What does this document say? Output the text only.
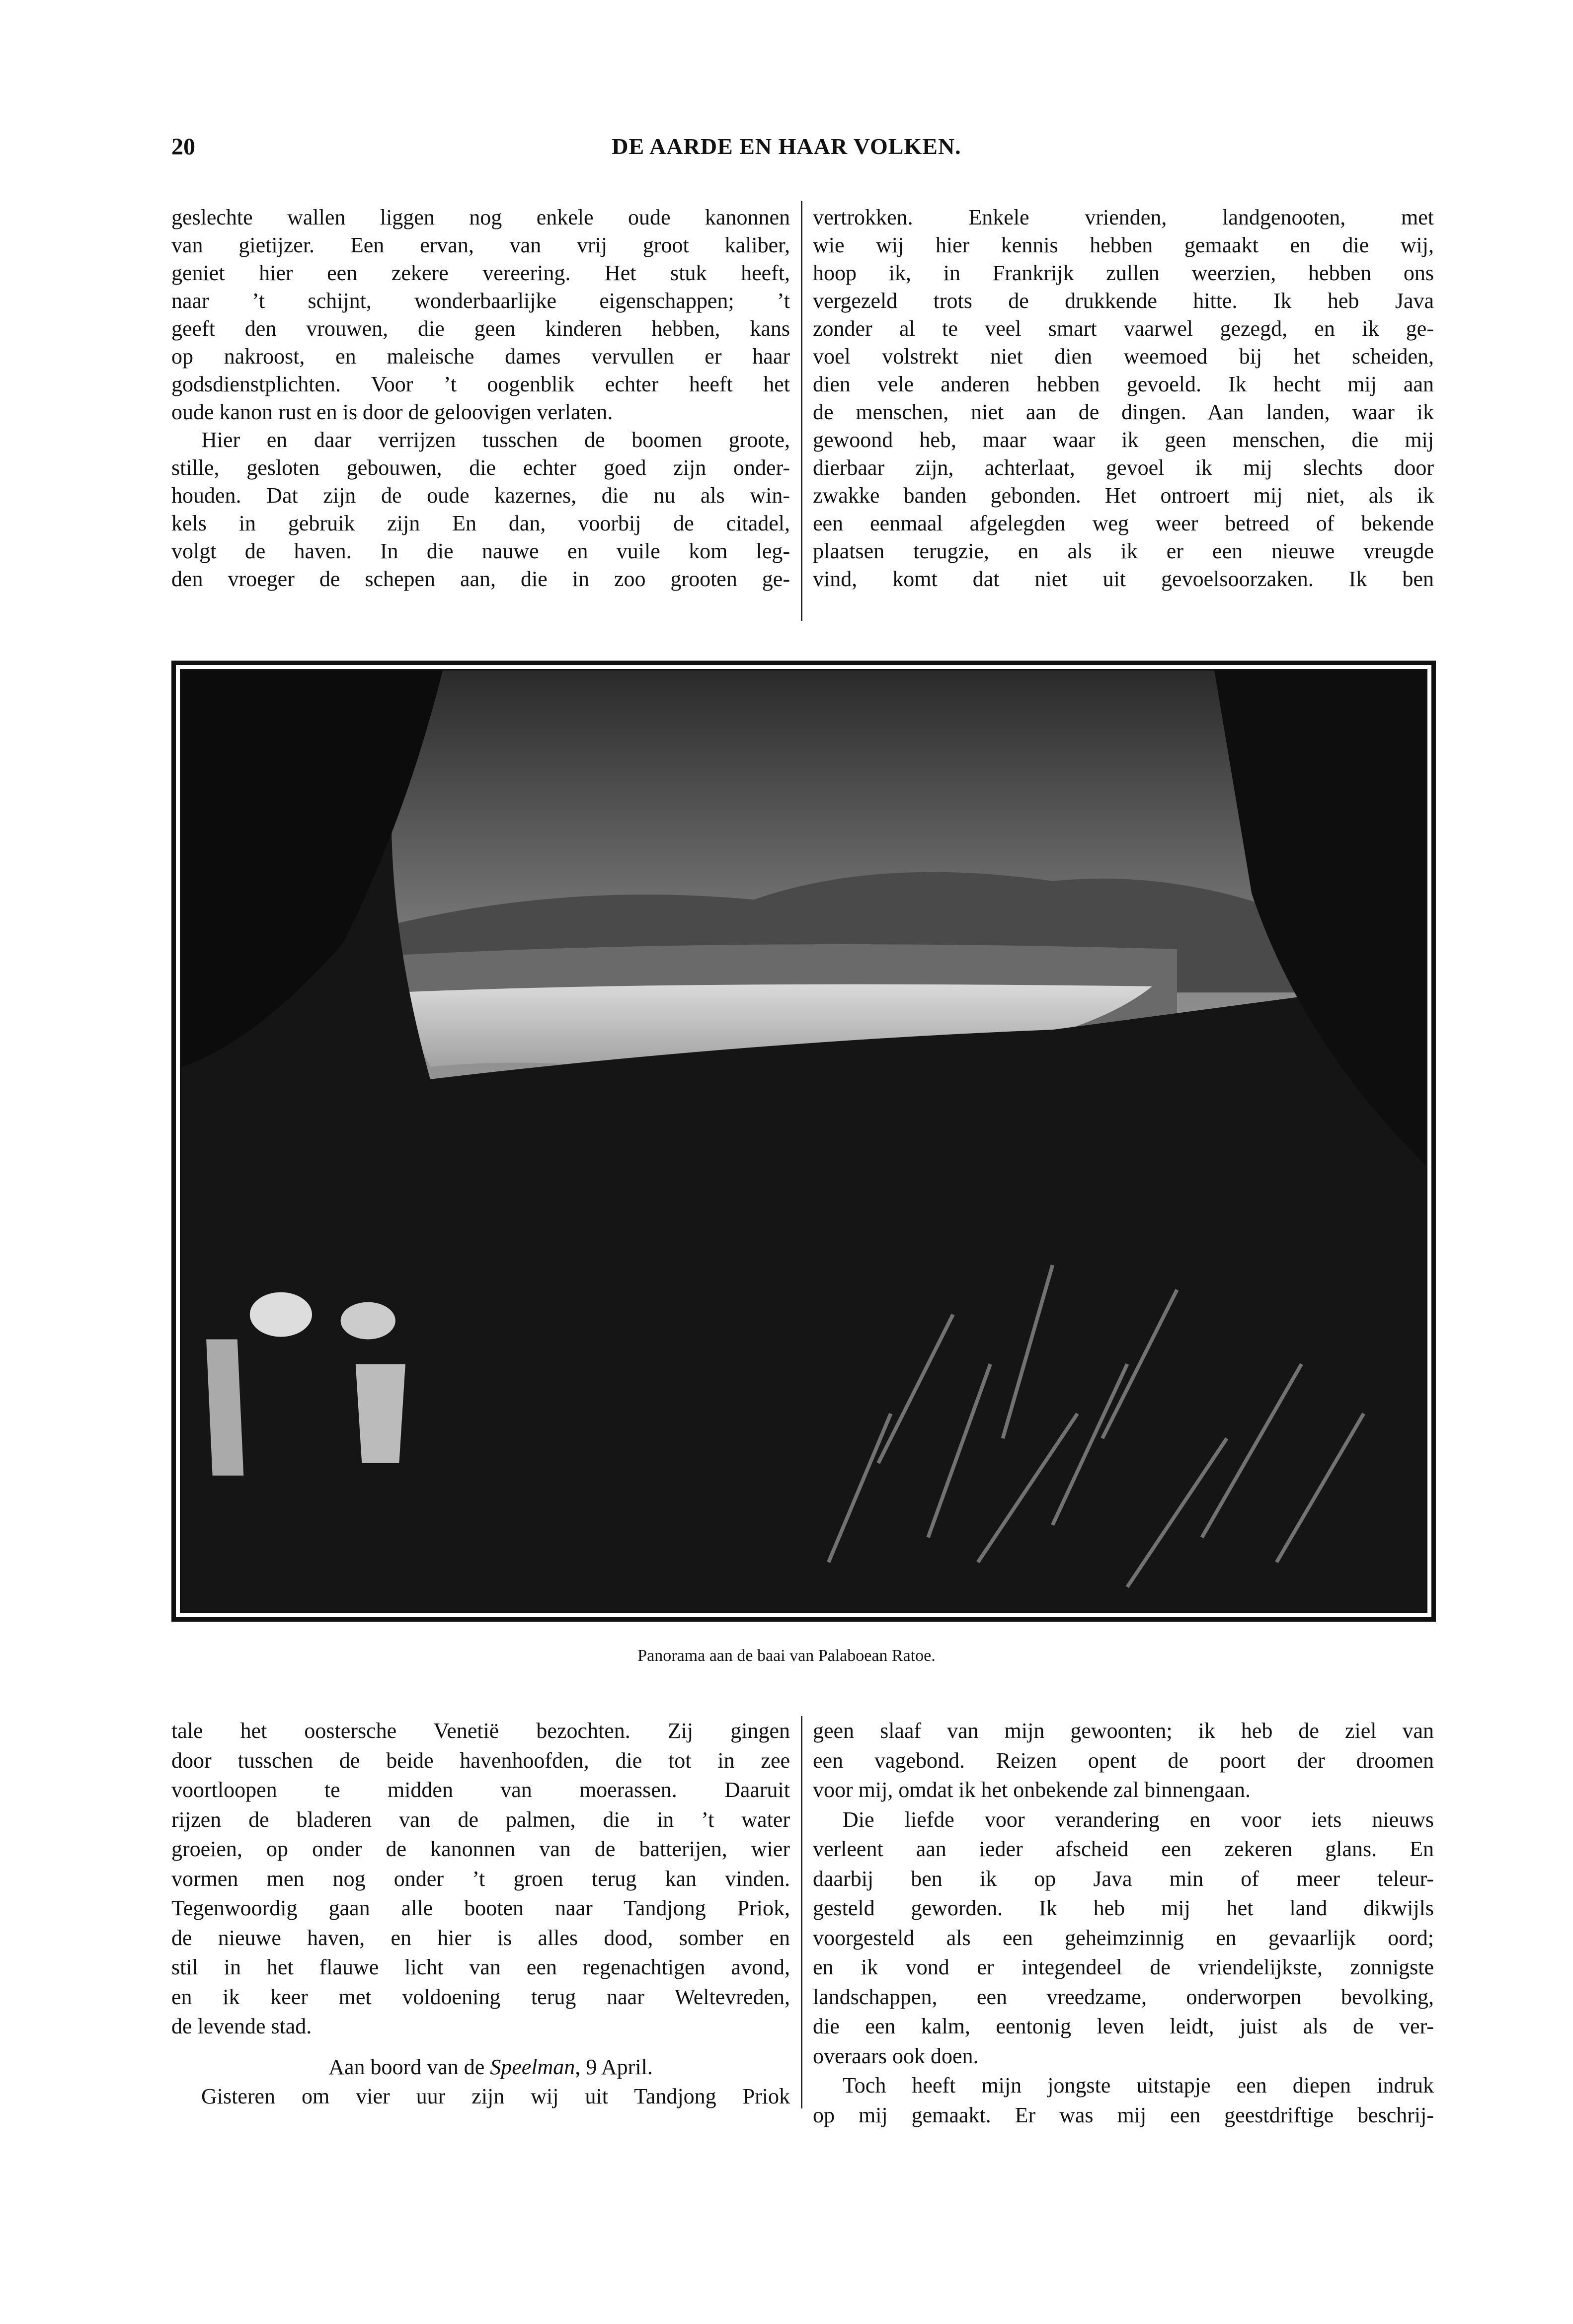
20	DE AARDE EN HAAR VOLKEN.
geslechte wallen liggen nog enkele oude kanonnen
van gietijzer. Een ervan, van vrij groot kaliber,
geniet hier een zekere vereering. Het stuk heeft,
naar ’t schijnt, wonderbaarlijke eigenschappen; ’t
geeft den vrouwen, die geen kinderen hebben, kans
op nakroost, en maleische dames vervullen er haar
godsdienstplichten. Voor ’t oogenblik echter heeft het
oude kanon rust en is door de geloovigen verlaten.
Hier en daar verrijzen tusschen de boomen groote,
stille, gesloten gebouwen, die echter goed zijn onder-
houden. Dat zijn de oude kazernes, die nu als win-
kels in gebruik zijn En dan, voorbij de citadel,
volgt de haven. In die nauwe en vuile kom leg-
den vroeger de schepen aan, die in zoo grooten ge-
vertrokken. Enkele vrienden, landgenooten, met
wie wij hier kennis hebben gemaakt en die wij,
hoop ik, in Frankrijk zullen weerzien, hebben ons
vergezeld trots de drukkende hitte. Ik heb Java
zonder al te veel smart vaarwel gezegd, en ik ge-
voel volstrekt niet dien weemoed bij het scheiden,
dien vele anderen hebben gevoeld. Ik hecht mij aan
de menschen, niet aan de dingen. Aan landen, waar ik
gewoond heb, maar waar ik geen menschen, die mij
dierbaar zijn, achterlaat, gevoel ik mij slechts door
zwakke banden gebonden. Het ontroert mij niet, als ik
een eenmaal afgelegden weg weer betreed of bekende
plaatsen terugzie, en als ik er een nieuwe vreugde
vind, komt dat niet uit gevoelsoorzaken. Ik ben
Panorama aan de baai van Palaboean Ratoe.
tale het oostersche Venetië bezochten. Zij gingen
door tusschen de beide havenhoofden, die tot in zee
voortloopen te midden van moerassen. Daaruit
rijzen de bladeren van de palmen, die in ’t water
groeien, op onder de kanonnen van de batterijen, wier
vormen men nog onder ’t groen terug kan vinden.
Tegenwoordig gaan alle booten naar Tandjong Priok,
de nieuwe haven, en hier is alles dood, somber en
stil in het flauwe licht van een regenachtigen avond,
en ik keer met voldoening terug naar Weltevreden,
de levende stad.
Aan boord van de Speelman, 9 April.
Gisteren om vier uur zijn wij uit Tandjong Priok
geen slaaf van mijn gewoonten; ik heb de ziel van
een vagebond. Reizen opent de poort der droomen
voor mij, omdat ik het onbekende zal binnengaan.
Die liefde voor verandering en voor iets nieuws
verleent aan ieder afscheid een zekeren glans. En
daarbij ben ik op Java min of meer teleur-
gesteld geworden. Ik heb mij het land dikwijls
voorgesteld als een geheimzinnig en gevaarlijk oord;
en ik vond er integendeel de vriendelijkste, zonnigste
landschappen, een vreedzame, onderworpen bevolking,
die een kalm, eentonig leven leidt, juist als de ver-
overaars ook doen.
Toch heeft mijn jongste uitstapje een diepen indruk
op mij gemaakt. Er was mij een geestdriftige beschrij-
